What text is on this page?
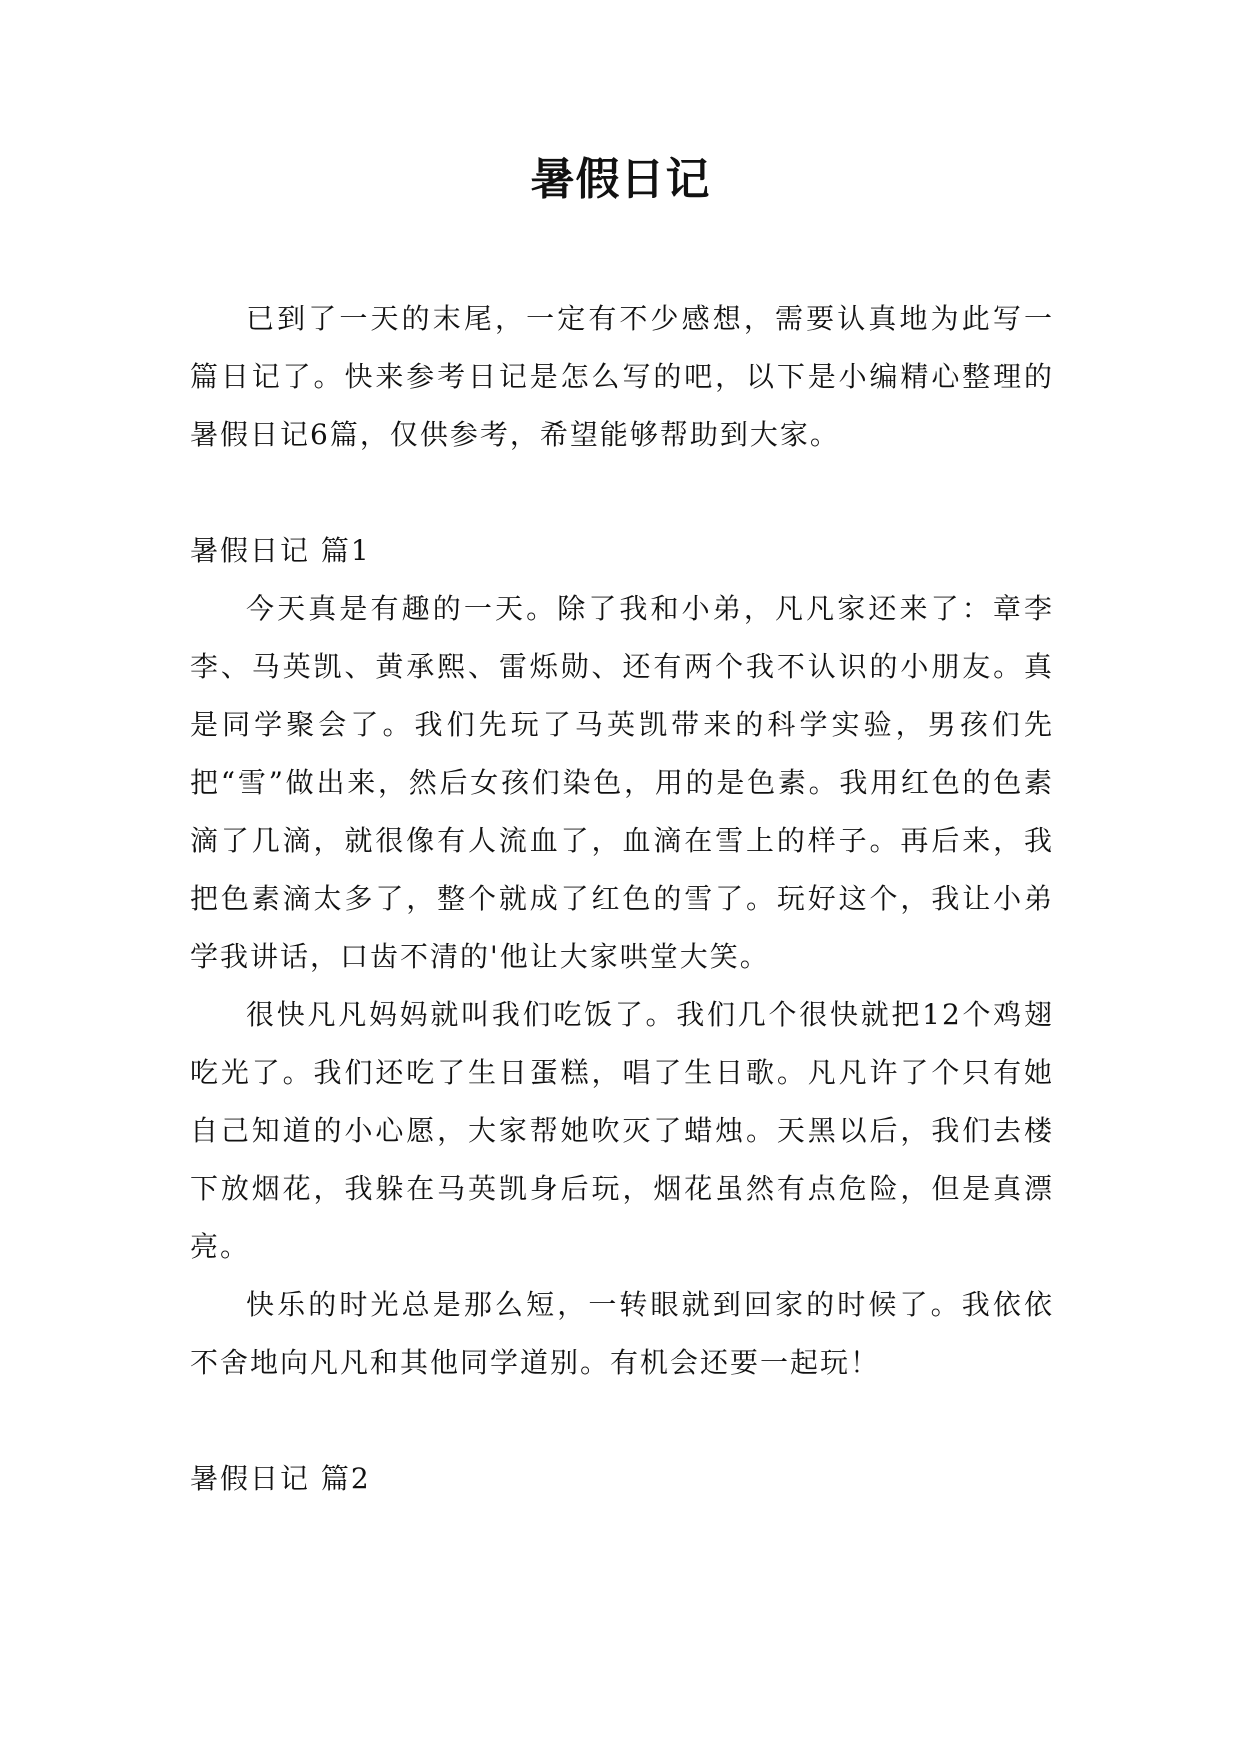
暑假日记

已到了一天的末尾，一定有不少感想，需要认真地为此写一篇日记了。快来参考日记是怎么写的吧，以下是小编精心整理的暑假日记6篇，仅供参考，希望能够帮助到大家。

暑假日记 篇1

今天真是有趣的一天。除了我和小弟，凡凡家还来了：章李李、马英凯、黄承熙、雷烁勋、还有两个我不认识的小朋友。真是同学聚会了。我们先玩了马英凯带来的科学实验，男孩们先把“雪”做出来，然后女孩们染色，用的是色素。我用红色的色素滴了几滴，就很像有人流血了，血滴在雪上的样子。再后来，我把色素滴太多了，整个就成了红色的雪了。玩好这个，我让小弟学我讲话，口齿不清的'他让大家哄堂大笑。

很快凡凡妈妈就叫我们吃饭了。我们几个很快就把12个鸡翅吃光了。我们还吃了生日蛋糕，唱了生日歌。凡凡许了个只有她自己知道的小心愿，大家帮她吹灭了蜡烛。天黑以后，我们去楼下放烟花，我躲在马英凯身后玩，烟花虽然有点危险，但是真漂亮。

快乐的时光总是那么短，一转眼就到回家的时候了。我依依不舍地向凡凡和其他同学道别。有机会还要一起玩！

暑假日记 篇2
